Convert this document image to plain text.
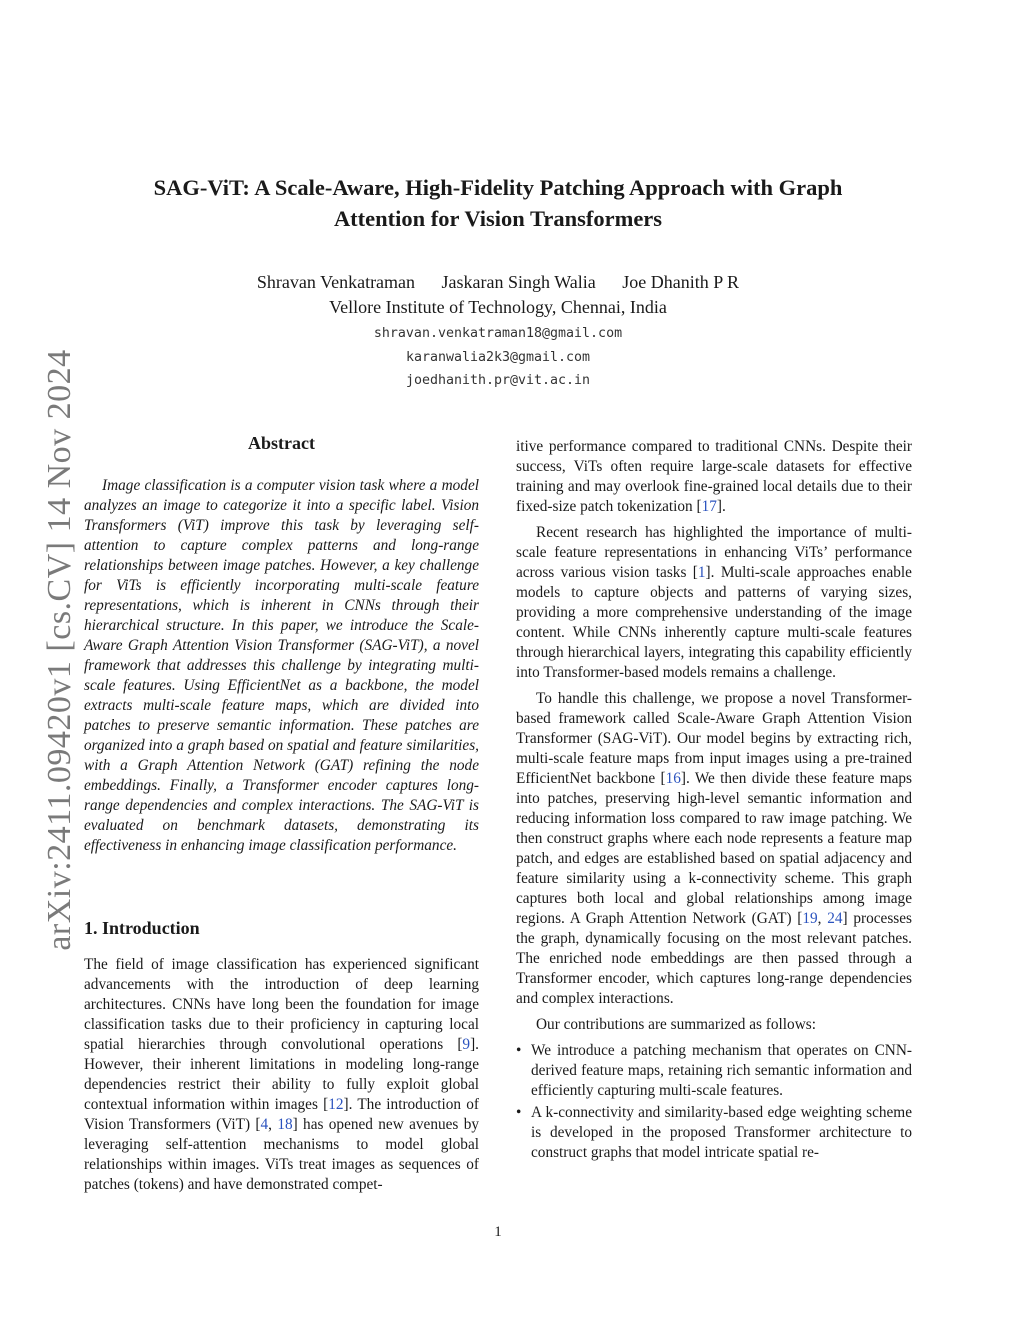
arXiv:2411.09420v1 [cs.CV] 14 Nov 2024
SAG-ViT: A Scale-Aware, High-Fidelity Patching Approach with Graph
Attention for Vision Transformers
Shravan Venkatraman Jaskaran Singh Walia Joe Dhanith P R
Vellore Institute of Technology, Chennai, India
shravan.venkatraman18@gmail.com
karanwalia2k3@gmail.com
joedhanith.pr@vit.ac.in
Abstract

Image classification is a computer vision task where a model analyzes an image to categorize it into a specific label. Vision Transformers (ViT) improve this task by leveraging self-attention to capture complex patterns and long-range relationships between image patches. However, a key challenge for ViTs is efficiently incorporating multi-scale feature representations, which is inherent in CNNs through their hierarchical structure. In this paper, we introduce the Scale-Aware Graph Attention Vision Transformer (SAG-ViT), a novel framework that addresses this challenge by integrating multi-scale features. Using EfficientNet as a backbone, the model extracts multi-scale feature maps, which are divided into patches to preserve semantic information. These patches are organized into a graph based on spatial and feature similarities, with a Graph Attention Network (GAT) refining the node embeddings. Finally, a Transformer encoder captures long-range dependencies and complex interactions. The SAG-ViT is evaluated on benchmark datasets, demonstrating its effectiveness in enhancing image classification performance.

1. Introduction

The field of image classification has experienced significant advancements with the introduction of deep learning architectures. CNNs have long been the foundation for image classification tasks due to their proficiency in capturing local spatial hierarchies through convolutional operations [9]. However, their inherent limitations in modeling long-range dependencies restrict their ability to fully exploit global contextual information within images [12]. The introduction of Vision Transformers (ViT) [4, 18] has opened new avenues by leveraging self-attention mechanisms to model global relationships within images. ViTs treat images as sequences of patches (tokens) and have demonstrated compet-

itive performance compared to traditional CNNs. Despite their success, ViTs often require large-scale datasets for effective training and may overlook fine-grained local details due to their fixed-size patch tokenization [17].

Recent research has highlighted the importance of multi-scale feature representations in enhancing ViTs’ performance across various vision tasks [1]. Multi-scale approaches enable models to capture objects and patterns of varying sizes, providing a more comprehensive understanding of the image content. While CNNs inherently capture multi-scale features through hierarchical layers, integrating this capability efficiently into Transformer-based models remains a challenge.

To handle this challenge, we propose a novel Transformer-based framework called Scale-Aware Graph Attention Vision Transformer (SAG-ViT). Our model begins by extracting rich, multi-scale feature maps from input images using a pre-trained EfficientNet backbone [16]. We then divide these feature maps into patches, preserving high-level semantic information and reducing information loss compared to raw image patching. We then construct graphs where each node represents a feature map patch, and edges are established based on spatial adjacency and feature similarity using a k-connectivity scheme. This graph captures both local and global relationships among image regions. A Graph Attention Network (GAT) [19, 24] processes the graph, dynamically focusing on the most relevant patches. The enriched node embeddings are then passed through a Transformer encoder, which captures long-range dependencies and complex interactions.

Our contributions are summarized as follows:

• We introduce a patching mechanism that operates on CNN-derived feature maps, retaining rich semantic information and efficiently capturing multi-scale features.
• A k-connectivity and similarity-based edge weighting scheme is developed in the proposed Transformer architecture to construct graphs that model intricate spatial re-
1
